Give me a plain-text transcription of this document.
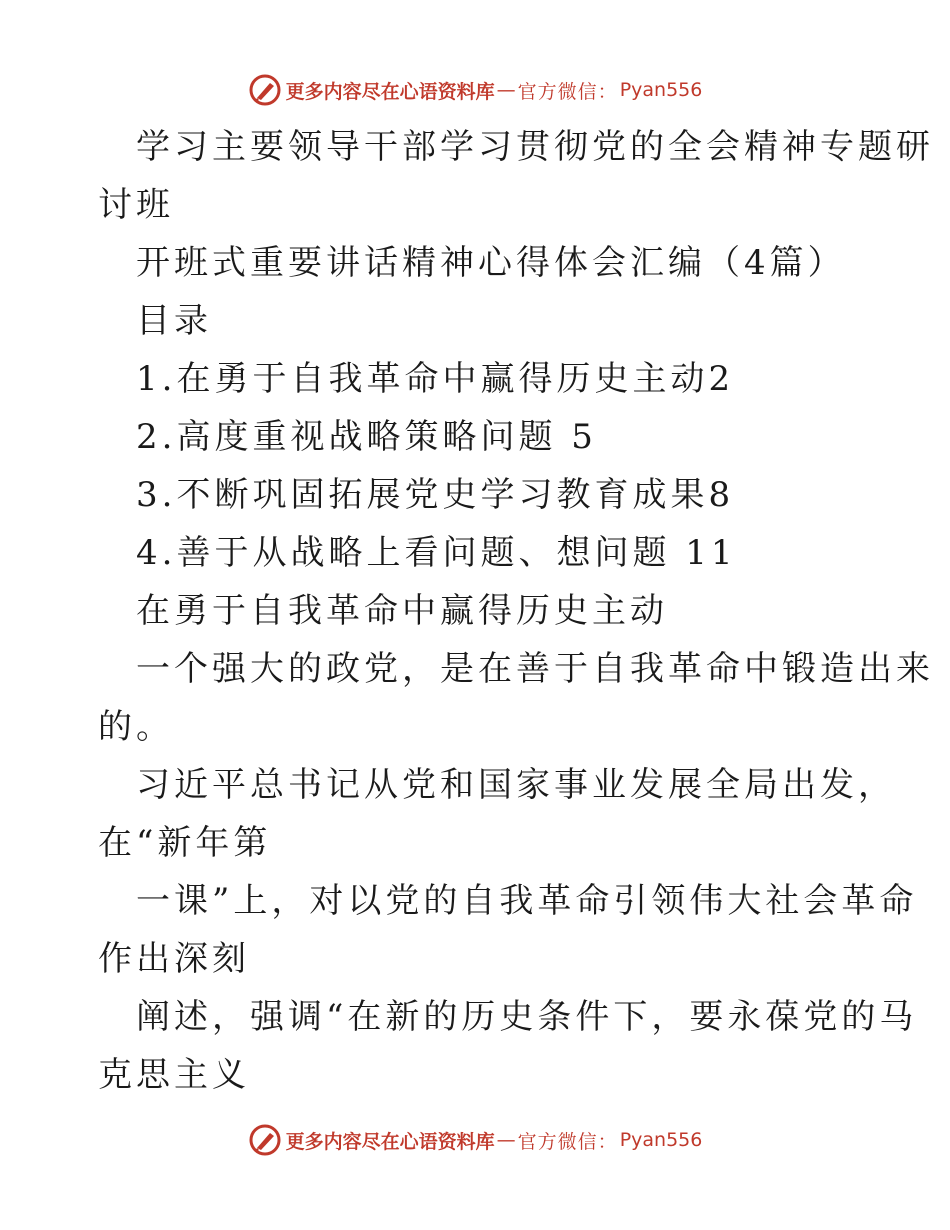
更多内容尽在心语资料库 — 官方微信： Pyan556
学习主要领导干部学习贯彻党的全会精神专题研
讨班
开班式重要讲话精神心得体会汇编（4篇）
目录
1.在勇于自我革命中赢得历史主动2
2.高度重视战略策略问题 5
3.不断巩固拓展党史学习教育成果8
4.善于从战略上看问题、想问题 11
在勇于自我革命中赢得历史主动
一个强大的政党，是在善于自我革命中锻造出来
的。
习近平总书记从党和国家事业发展全局出发，
在“新年第
一课”上，对以党的自我革命引领伟大社会革命
作出深刻
阐述，强调“在新的历史条件下，要永葆党的马
克思主义
更多内容尽在心语资料库 — 官方微信： Pyan556
